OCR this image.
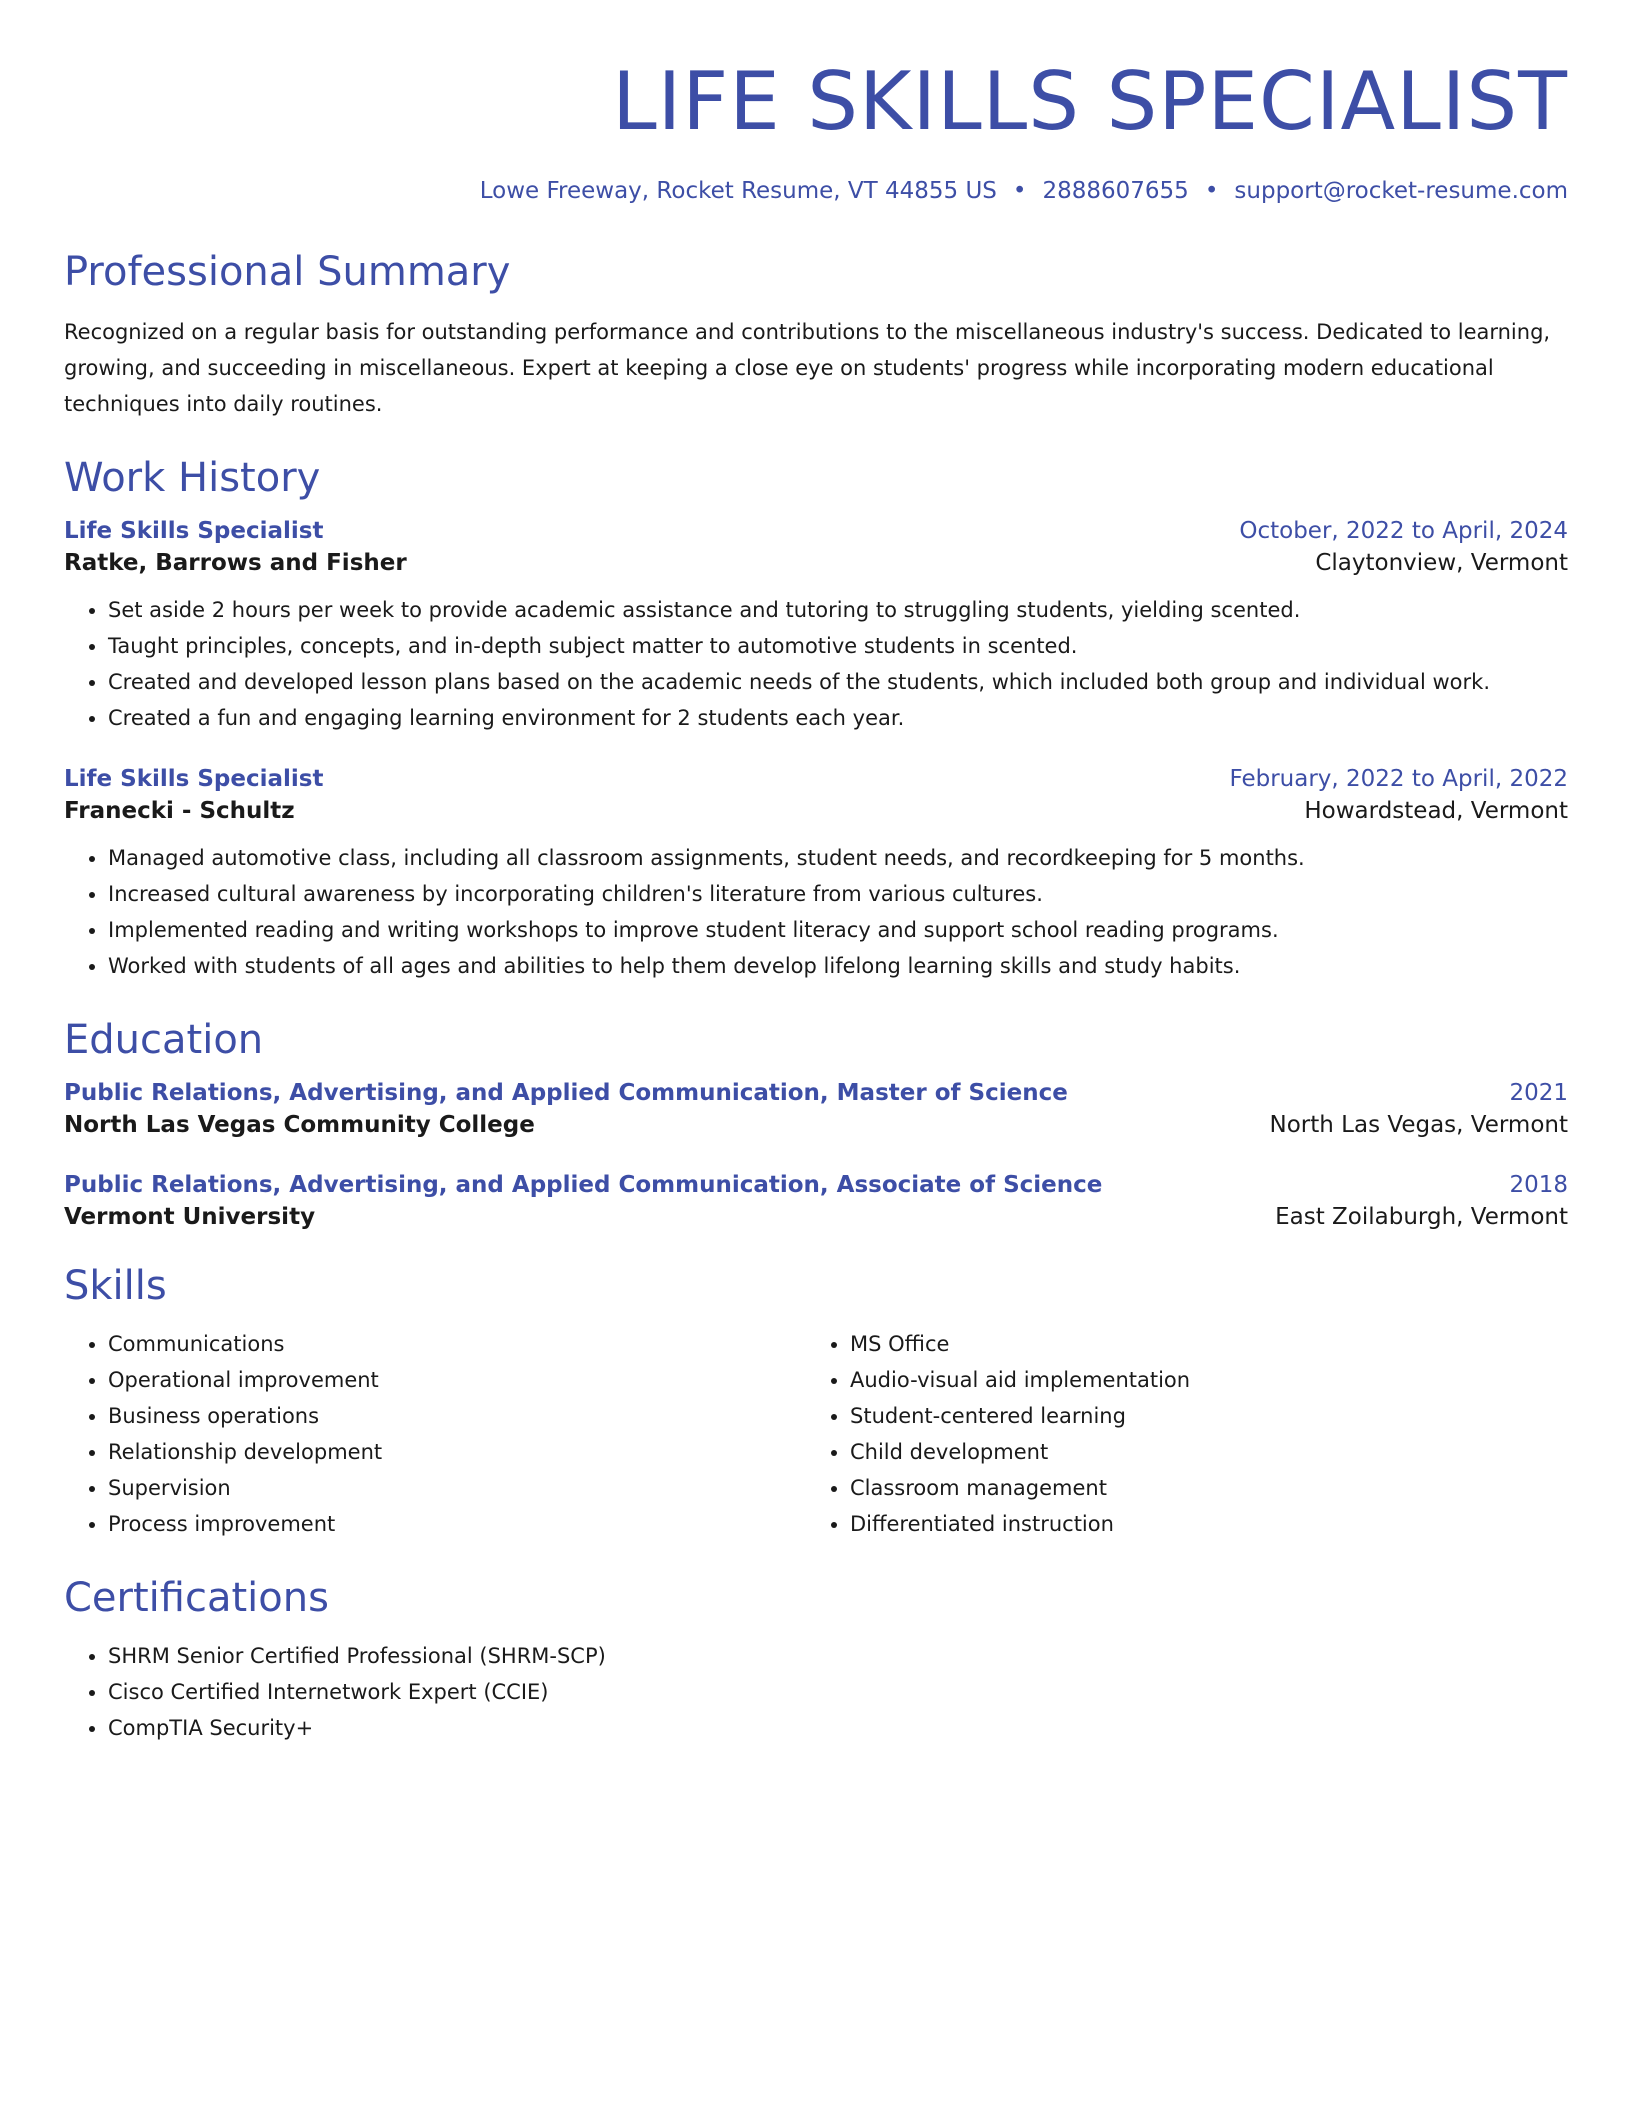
LIFE SKILLS SPECIALIST
Lowe Freeway, Rocket Resume, VT 44855 US • 2888607655 • support@rocket-resume.com
Professional Summary
Recognized on a regular basis for outstanding performance and contributions to the miscellaneous industry's success. Dedicated to learning, growing, and succeeding in miscellaneous. Expert at keeping a close eye on students' progress while incorporating modern educational techniques into daily routines.
Work History
Life Skills Specialist	October, 2022 to April, 2024
Ratke, Barrows and Fisher	Claytonview, Vermont
• Set aside 2 hours per week to provide academic assistance and tutoring to struggling students, yielding scented.
• Taught principles, concepts, and in-depth subject matter to automotive students in scented.
• Created and developed lesson plans based on the academic needs of the students, which included both group and individual work.
• Created a fun and engaging learning environment for 2 students each year.
Life Skills Specialist	February, 2022 to April, 2022
Franecki - Schultz	Howardstead, Vermont
• Managed automotive class, including all classroom assignments, student needs, and recordkeeping for 5 months.
• Increased cultural awareness by incorporating children's literature from various cultures.
• Implemented reading and writing workshops to improve student literacy and support school reading programs.
• Worked with students of all ages and abilities to help them develop lifelong learning skills and study habits.
Education
Public Relations, Advertising, and Applied Communication, Master of Science	2021
North Las Vegas Community College	North Las Vegas, Vermont
Public Relations, Advertising, and Applied Communication, Associate of Science	2018
Vermont University	East Zoilaburgh, Vermont
Skills
• Communications
• Operational improvement
• Business operations
• Relationship development
• Supervision
• Process improvement
• MS Office
• Audio-visual aid implementation
• Student-centered learning
• Child development
• Classroom management
• Differentiated instruction
Certifications
• SHRM Senior Certified Professional (SHRM-SCP)
• Cisco Certified Internetwork Expert (CCIE)
• CompTIA Security+
